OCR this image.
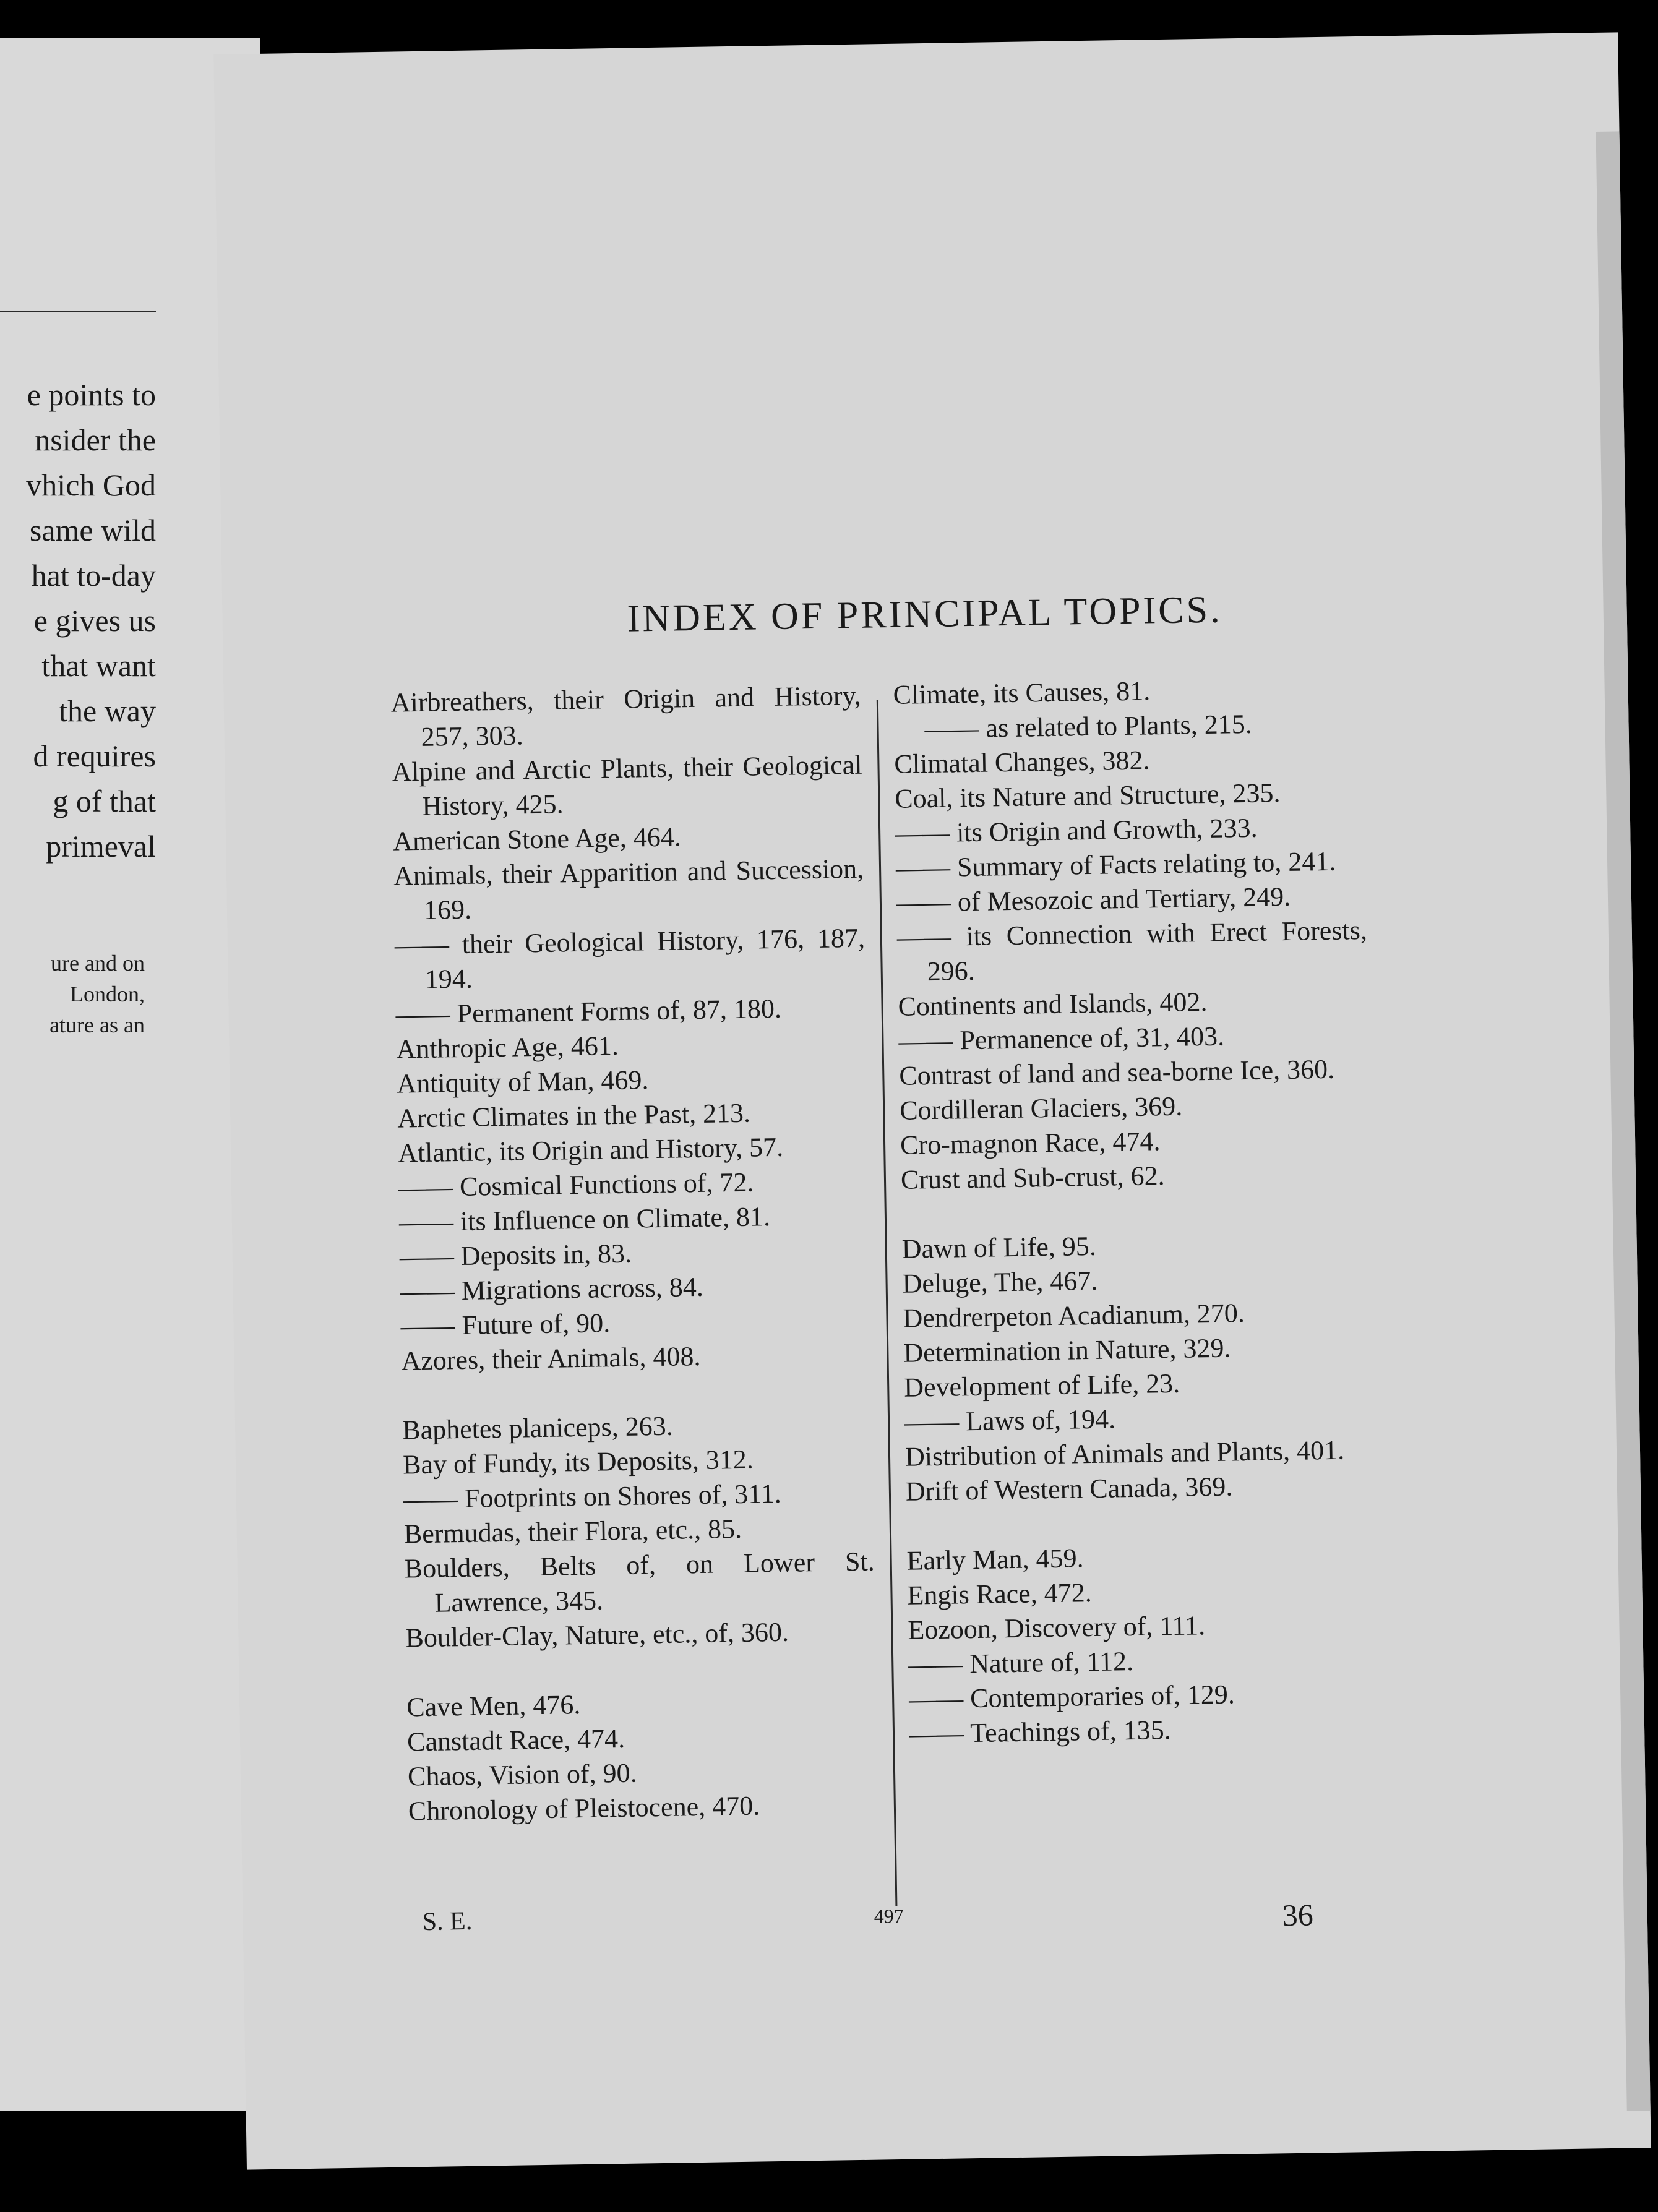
e points to
nsider the
vhich God
same wild
hat to-day
e gives us
that want
the way
d requires
g of that
primeval
ure and on
London,
ature as an
INDEX OF PRINCIPAL TOPICS.
Airbreathers, their Origin and History, 257, 303.
Alpine and Arctic Plants, their Geological History, 425.
American Stone Age, 464.
Animals, their Apparition and Succession, 169.
—— their Geological History, 176, 187, 194.
—— Permanent Forms of, 87, 180.
Anthropic Age, 461.
Antiquity of Man, 469.
Arctic Climates in the Past, 213.
Atlantic, its Origin and History, 57.
—— Cosmical Functions of, 72.
—— its Influence on Climate, 81.
—— Deposits in, 83.
—— Migrations across, 84.
—— Future of, 90.
Azores, their Animals, 408.
Baphetes planiceps, 263.
Bay of Fundy, its Deposits, 312.
—— Footprints on Shores of, 311.
Bermudas, their Flora, etc., 85.
Boulders, Belts of, on Lower St. Lawrence, 345.
Boulder-Clay, Nature, etc., of, 360.
Cave Men, 476.
Canstadt Race, 474.
Chaos, Vision of, 90.
Chronology of Pleistocene, 470.
Climate, its Causes, 81.
—— as related to Plants, 215.
Climatal Changes, 382.
Coal, its Nature and Structure, 235.
—— its Origin and Growth, 233.
—— Summary of Facts relating to, 241.
—— of Mesozoic and Tertiary, 249.
—— its Connection with Erect Forests, 296.
Continents and Islands, 402.
—— Permanence of, 31, 403.
Contrast of land and sea-borne Ice, 360.
Cordilleran Glaciers, 369.
Cro-magnon Race, 474.
Crust and Sub-crust, 62.
Dawn of Life, 95.
Deluge, The, 467.
Dendrerpeton Acadianum, 270.
Determination in Nature, 329.
Development of Life, 23.
—— Laws of, 194.
Distribution of Animals and Plants, 401.
Drift of Western Canada, 369.
Early Man, 459.
Engis Race, 472.
Eozoon, Discovery of, 111.
—— Nature of, 112.
—— Contemporaries of, 129.
—— Teachings of, 135.
S. E.	497	36
